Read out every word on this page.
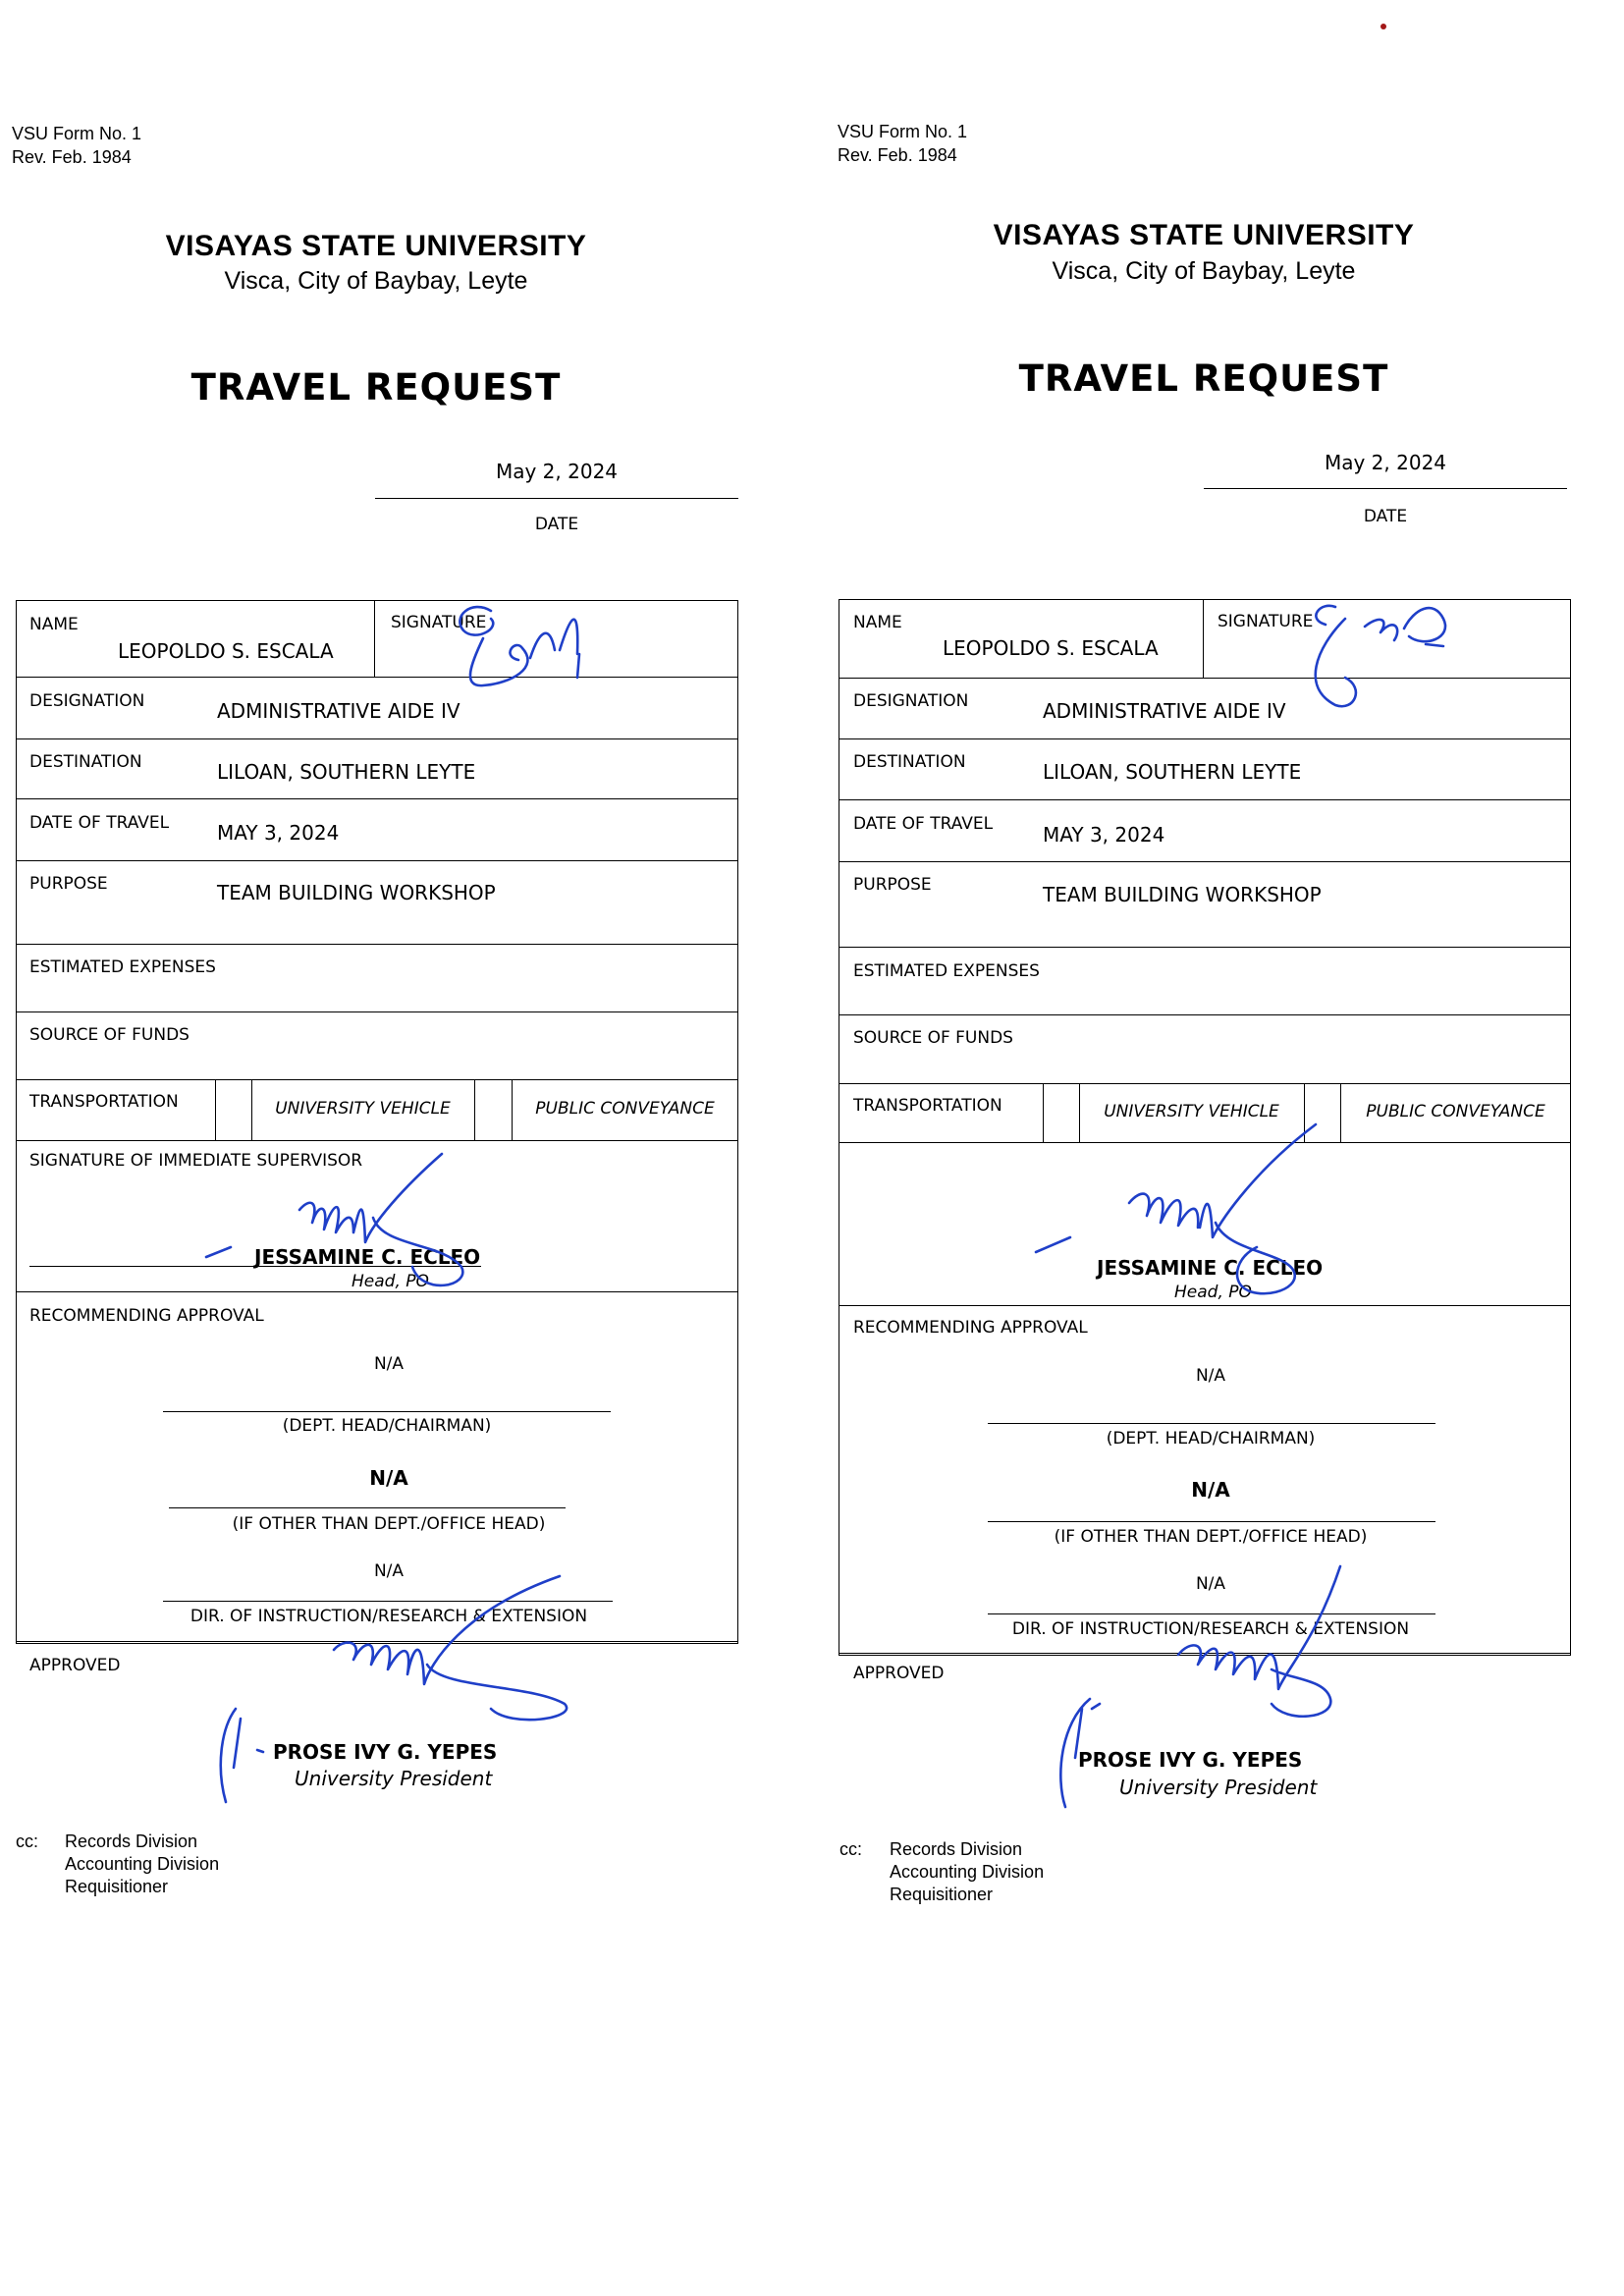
VSU Form No. 1
Rev. Feb. 1984
VISAYAS STATE UNIVERSITY
Visca, City of Baybay, Leyte
TRAVEL REQUEST
May 2, 2024
DATE
NAME
LEOPOLDO S. ESCALA
SIGNATURE
DESIGNATION	ADMINISTRATIVE AIDE IV
DESTINATION	LILOAN, SOUTHERN LEYTE
DATE OF TRAVEL MAY 3, 2024
PURPOSE	TEAM BUILDING WORKSHOP
ESTIMATED EXPENSES
SOURCE OF FUNDS
TRANSPORTATION	UNIVERSITY VEHICLE	PUBLIC CONVEYANCE
SIGNATURE OF IMMEDIATE SUPERVISOR
JESSAMINE C. ECLEO
Head, PO
RECOMMENDING APPROVAL
N/A
(DEPT. HEAD/CHAIRMAN)
N/A
(IF OTHER THAN DEPT./OFFICE HEAD)
N/A
DIR. OF INSTRUCTION/RESEARCH & EXTENSION
APPROVED
PROSE IVY G. YEPES
University President
cc: Records Division
Accounting Division
Requisitioner
VSU Form No. 1
Rev. Feb. 1984
VISAYAS STATE UNIVERSITY
Visca, City of Baybay, Leyte
TRAVEL REQUEST
May 2, 2024
DATE
NAME
LEOPOLDO S. ESCALA
SIGNATURE
DESIGNATION	ADMINISTRATIVE AIDE IV
DESTINATION	LILOAN, SOUTHERN LEYTE
DATE OF TRAVEL	MAY 3, 2024
PURPOSE	TEAM BUILDING WORKSHOP
ESTIMATED EXPENSES
SOURCE OF FUNDS
TRANSPORTATION	UNIVERSITY VEHICLE	PUBLIC CONVEYANCE
JESSAMINE C. ECLEO
Head, PO
RECOMMENDING APPROVAL
N/A
(DEPT. HEAD/CHAIRMAN)
N/A
(IF OTHER THAN DEPT./OFFICE HEAD)
N/A
DIR. OF INSTRUCTION/RESEARCH & EXTENSION
APPROVED
PROSE IVY G. YEPES
University President
cc: Records Division
Accounting Division
Requisitioner
